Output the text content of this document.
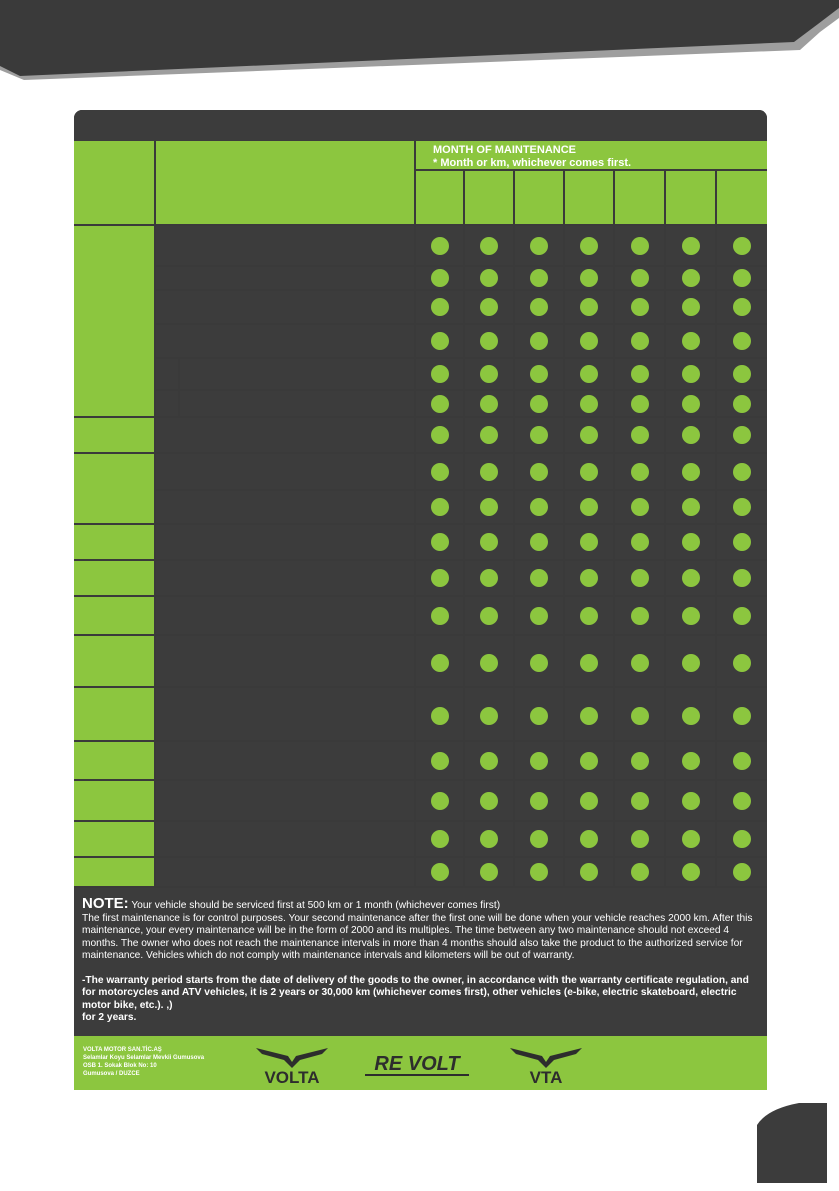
MONTH OF MAINTENANCE
* Month or km, whichever comes first.

NOTE: Your vehicle should be serviced first at 500 km or 1 month (whichever comes first)

The first maintenance is for control purposes. Your second maintenance after the first one will be done when your vehicle reaches 2000 km. After this maintenance, your every maintenance will be in the form of 2000 and its multiples. The time between any two maintenance should not exceed 4 months. The owner who does not reach the maintenance intervals in more than 4 months should also take the product to the authorized service for maintenance. Vehicles which do not comply with maintenance intervals and kilometers will be out of warranty.

-The warranty period starts from the date of delivery of the goods to the owner, in accordance with the warranty certificate regulation, and for motorcycles and ATV vehicles, it is 2 years or 30,000 km (whichever comes first), other vehicles (e-bike, electric skateboard, electric motor bike, etc.). ,)

for 2 years.

VOLTA MOTOR SAN.TİC.AŞ
Selamlar Koyu Selamlar Mevkii Gumusova
OSB 1. Sokak Blok No: 10
Gumusova / DUZCE	VOLTA
RE VOLT
VTA
